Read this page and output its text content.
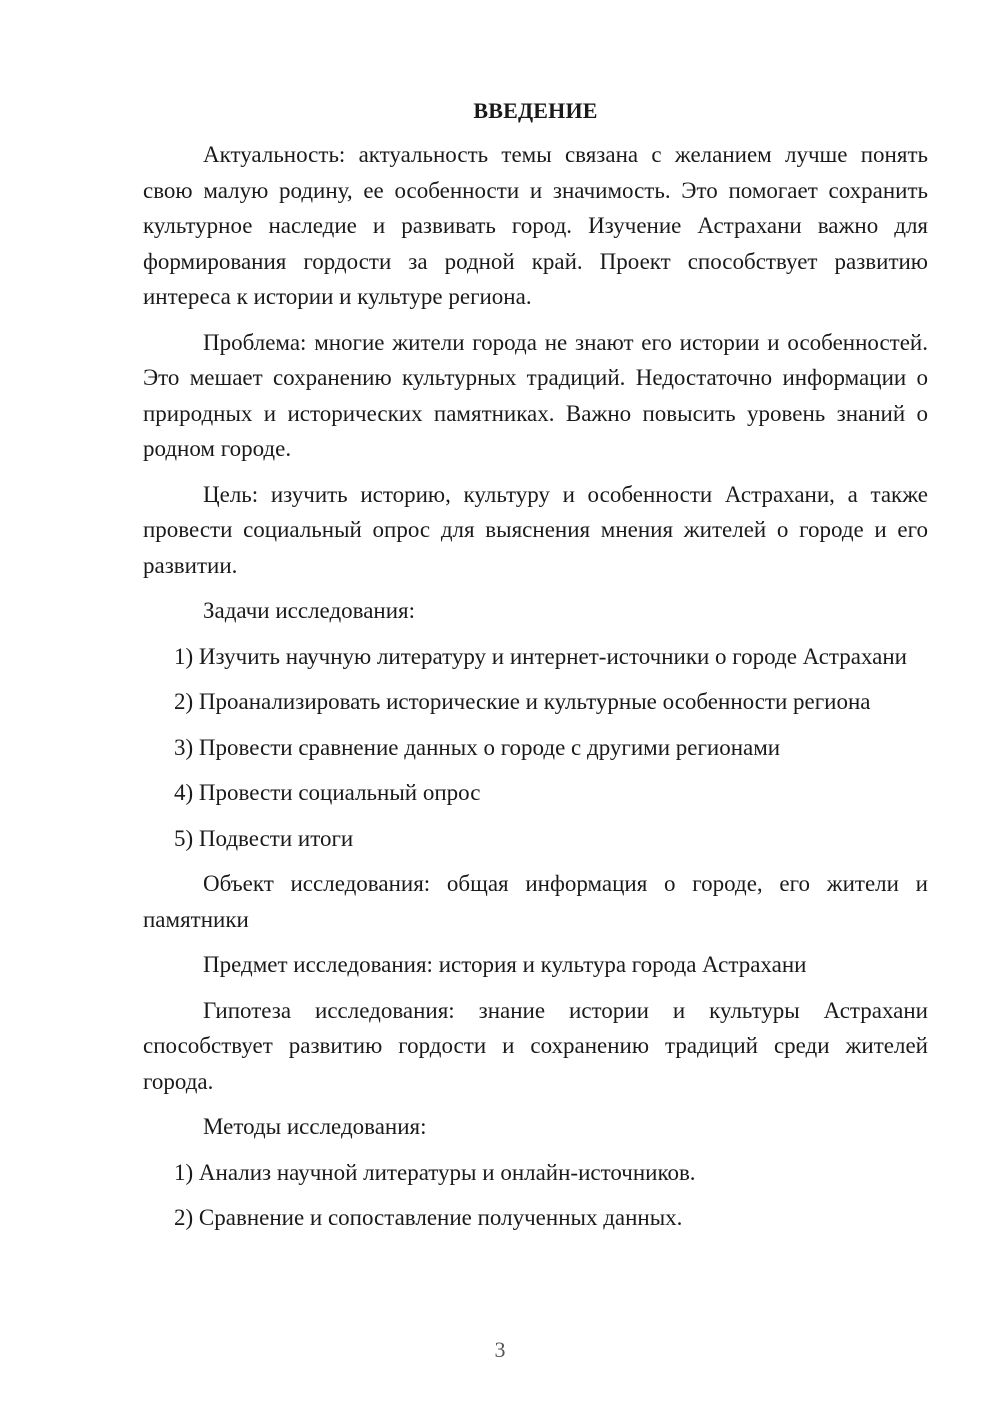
ВВЕДЕНИЕ

Актуальность: актуальность темы связана с желанием лучше понять свою малую родину, ее особенности и значимость. Это помогает сохранить культурное наследие и развивать город. Изучение Астрахани важно для формирования гордости за родной край. Проект способствует развитию интереса к истории и культуре региона.

Проблема: многие жители города не знают его истории и особенностей. Это мешает сохранению культурных традиций. Недостаточно информации о природных и исторических памятниках. Важно повысить уровень знаний о родном городе.

Цель: изучить историю, культуру и особенности Астрахани, а также провести социальный опрос для выяснения мнения жителей о городе и его развитии.

Задачи исследования:

1) Изучить научную литературу и интернет-источники о городе Астрахани

2) Проанализировать исторические и культурные особенности региона

3) Провести сравнение данных о городе с другими регионами

4) Провести социальный опрос

5) Подвести итоги

Объект исследования: общая информация о городе, его жители и памятники

Предмет исследования: история и культура города Астрахани

Гипотеза исследования: знание истории и культуры Астрахани способствует развитию гордости и сохранению традиций среди жителей города.

Методы исследования:

1) Анализ научной литературы и онлайн-источников.

2) Сравнение и сопоставление полученных данных.

3
